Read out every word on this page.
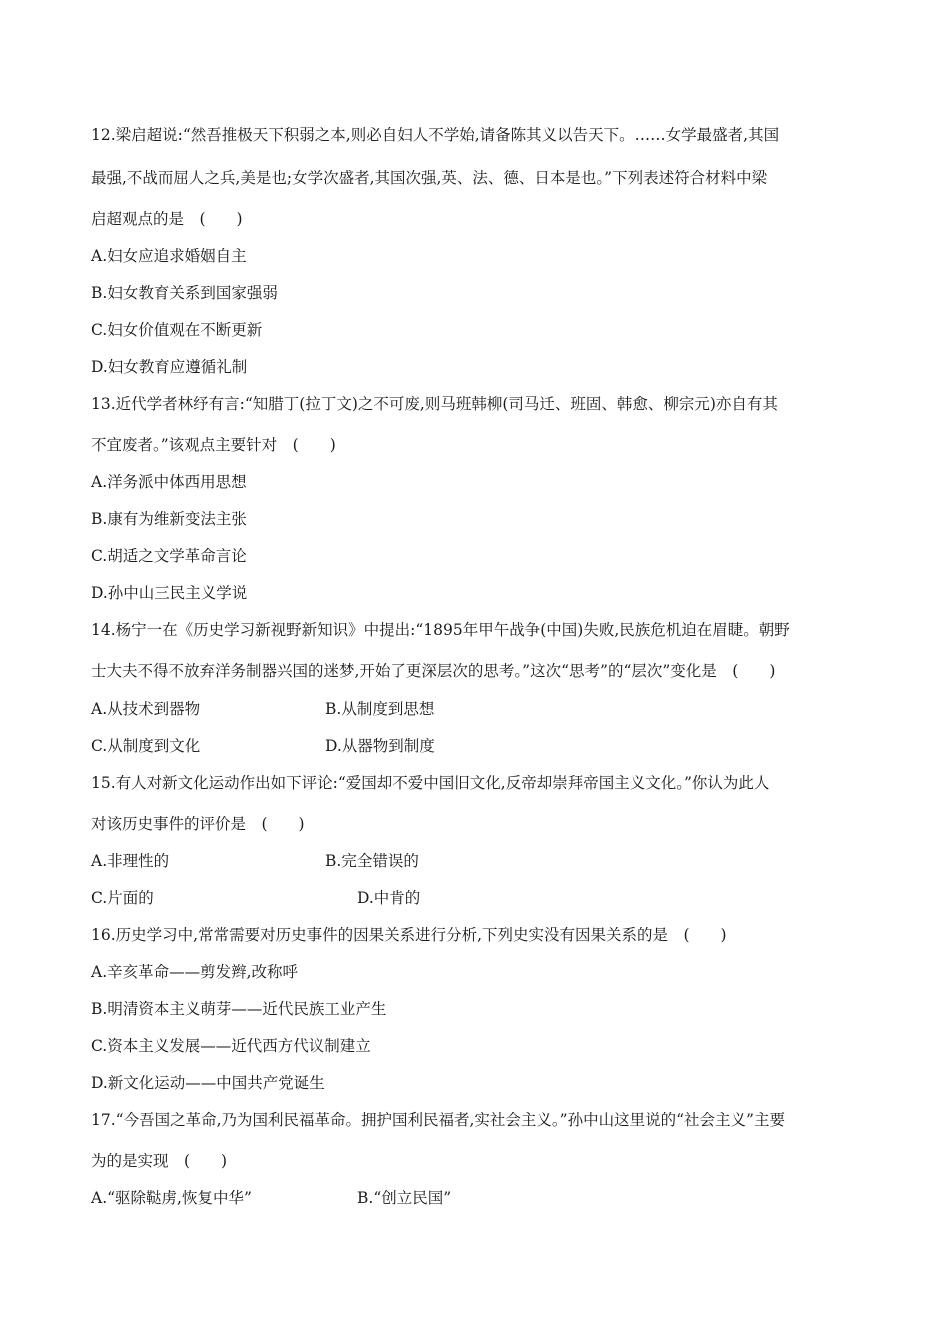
12.梁启超说:“然吾推极天下积弱之本,则必自妇人不学始,请备陈其义以告天下。……女学最盛者,其国
最强,不战而屈人之兵,美是也;女学次盛者,其国次强,英、法、德、日本是也。”下列表述符合材料中梁
启超观点的是　(　　)
A.妇女应追求婚姻自主
B.妇女教育关系到国家强弱
C.妇女价值观在不断更新
D.妇女教育应遵循礼制
13.近代学者林纾有言:“知腊丁(拉丁文)之不可废,则马班韩柳(司马迁、班固、韩愈、柳宗元)亦自有其
不宜废者。”该观点主要针对　(　　)
A.洋务派中体西用思想
B.康有为维新变法主张
C.胡适之文学革命言论
D.孙中山三民主义学说
14.杨宁一在《历史学习新视野新知识》中提出:“1895年甲午战争(中国)失败,民族危机迫在眉睫。朝野
士大夫不得不放弃洋务制器兴国的迷梦,开始了更深层次的思考。”这次“思考”的“层次”变化是　(　　)
A.从技术到器物	B.从制度到思想
C.从制度到文化	D.从器物到制度
15.有人对新文化运动作出如下评论:“爱国却不爱中国旧文化,反帝却崇拜帝国主义文化。”你认为此人
对该历史事件的评价是　(　　)
A.非理性的	B.完全错误的
C.片面的	D.中肯的
16.历史学习中,常常需要对历史事件的因果关系进行分析,下列史实没有因果关系的是　(　　)
A.辛亥革命——剪发辫,改称呼
B.明清资本主义萌芽——近代民族工业产生
C.资本主义发展——近代西方代议制建立
D.新文化运动——中国共产党诞生
17.“今吾国之革命,乃为国利民福革命。拥护国利民福者,实社会主义。”孙中山这里说的“社会主义”主要
为的是实现　(　　)
A.“驱除鞑虏,恢复中华”	B.“创立民国”
